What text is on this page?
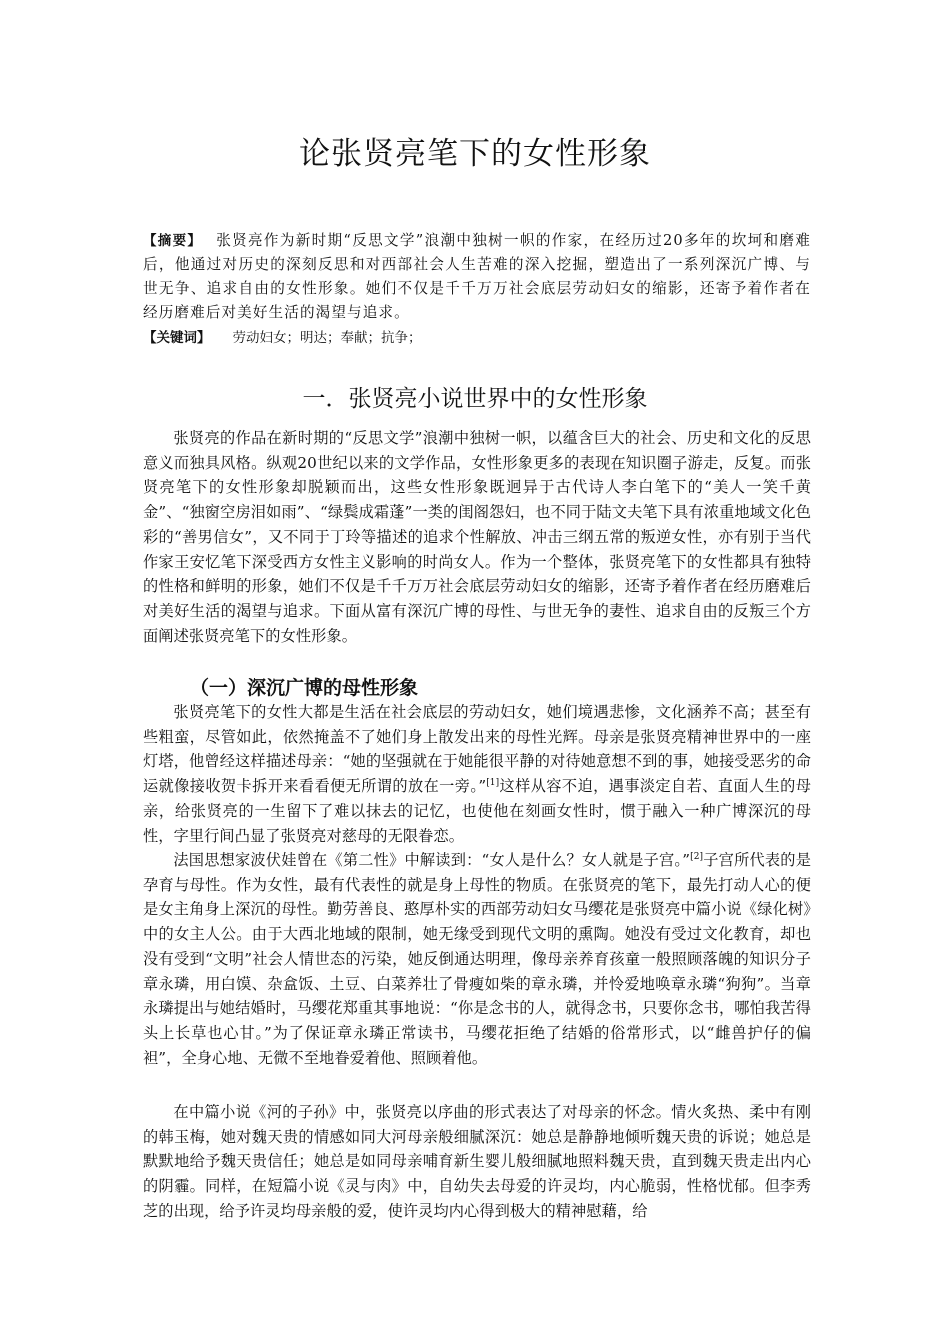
论张贤亮笔下的女性形象

【摘要】 张贤亮作为新时期“反思文学”浪潮中独树一帜的作家，在经历过20多年的坎坷和磨难后，他通过对历史的深刻反思和对西部社会人生苦难的深入挖掘，塑造出了一系列深沉广博、与世无争、追求自由的女性形象。她们不仅是千千万万社会底层劳动妇女的缩影，还寄予着作者在经历磨难后对美好生活的渴望与追求。

【关键词】 劳动妇女；明达；奉献；抗争；

一．张贤亮小说世界中的女性形象

张贤亮的作品在新时期的“反思文学”浪潮中独树一帜，以蕴含巨大的社会、历史和文化的反思意义而独具风格。纵观20世纪以来的文学作品，女性形象更多的表现在知识圈子游走，反复。而张贤亮笔下的女性形象却脱颖而出，这些女性形象既迥异于古代诗人李白笔下的“美人一笑千黄金”、“独窗空房泪如雨”、“绿鬓成霜蓬”一类的闺阁怨妇，也不同于陆文夫笔下具有浓重地域文化色彩的“善男信女”，又不同于丁玲等描述的追求个性解放、冲击三纲五常的叛逆女性，亦有别于当代作家王安忆笔下深受西方女性主义影响的时尚女人。作为一个整体，张贤亮笔下的女性都具有独特的性格和鲜明的形象，她们不仅是千千万万社会底层劳动妇女的缩影，还寄予着作者在经历磨难后对美好生活的渴望与追求。下面从富有深沉广博的母性、与世无争的妻性、追求自由的反叛三个方面阐述张贤亮笔下的女性形象。

（一）深沉广博的母性形象

张贤亮笔下的女性大都是生活在社会底层的劳动妇女，她们境遇悲惨，文化涵养不高；甚至有些粗蛮，尽管如此，依然掩盖不了她们身上散发出来的母性光辉。母亲是张贤亮精神世界中的一座灯塔，他曾经这样描述母亲：“她的坚强就在于她能很平静的对待她意想不到的事，她接受恶劣的命运就像接收贺卡拆开来看看便无所谓的放在一旁。”[1]这样从容不迫，遇事淡定自若、直面人生的母亲，给张贤亮的一生留下了难以抹去的记忆，也使他在刻画女性时，惯于融入一种广博深沉的母性，字里行间凸显了张贤亮对慈母的无限眷恋。

法国思想家波伏娃曾在《第二性》中解读到：“女人是什么？女人就是子宫。”[2]子宫所代表的是孕育与母性。作为女性，最有代表性的就是身上母性的物质。在张贤亮的笔下，最先打动人心的便是女主角身上深沉的母性。勤劳善良、憨厚朴实的西部劳动妇女马缨花是张贤亮中篇小说《绿化树》中的女主人公。由于大西北地域的限制，她无缘受到现代文明的熏陶。她没有受过文化教育，却也没有受到“文明”社会人情世态的污染，她反倒通达明理，像母亲养育孩童一般照顾落魄的知识分子章永璘，用白馍、杂盒饭、土豆、白菜养壮了骨瘦如柴的章永璘，并怜爱地唤章永璘“狗狗”。当章永璘提出与她结婚时，马缨花郑重其事地说：“你是念书的人，就得念书，只要你念书，哪怕我苦得头上长草也心甘。”为了保证章永璘正常读书，马缨花拒绝了结婚的俗常形式，以“雌兽护仔的偏袒”，全身心地、无微不至地眷爱着他、照顾着他。

在中篇小说《河的子孙》中，张贤亮以序曲的形式表达了对母亲的怀念。情火炙热、柔中有刚的韩玉梅，她对魏天贵的情感如同大河母亲般细腻深沉：她总是静静地倾听魏天贵的诉说；她总是默默地给予魏天贵信任；她总是如同母亲哺育新生婴儿般细腻地照料魏天贵，直到魏天贵走出内心的阴霾。同样，在短篇小说《灵与肉》中，自幼失去母爱的许灵均，内心脆弱，性格忧郁。但李秀芝的出现，给予许灵均母亲般的爱，使许灵均内心得到极大的精神慰藉，给
